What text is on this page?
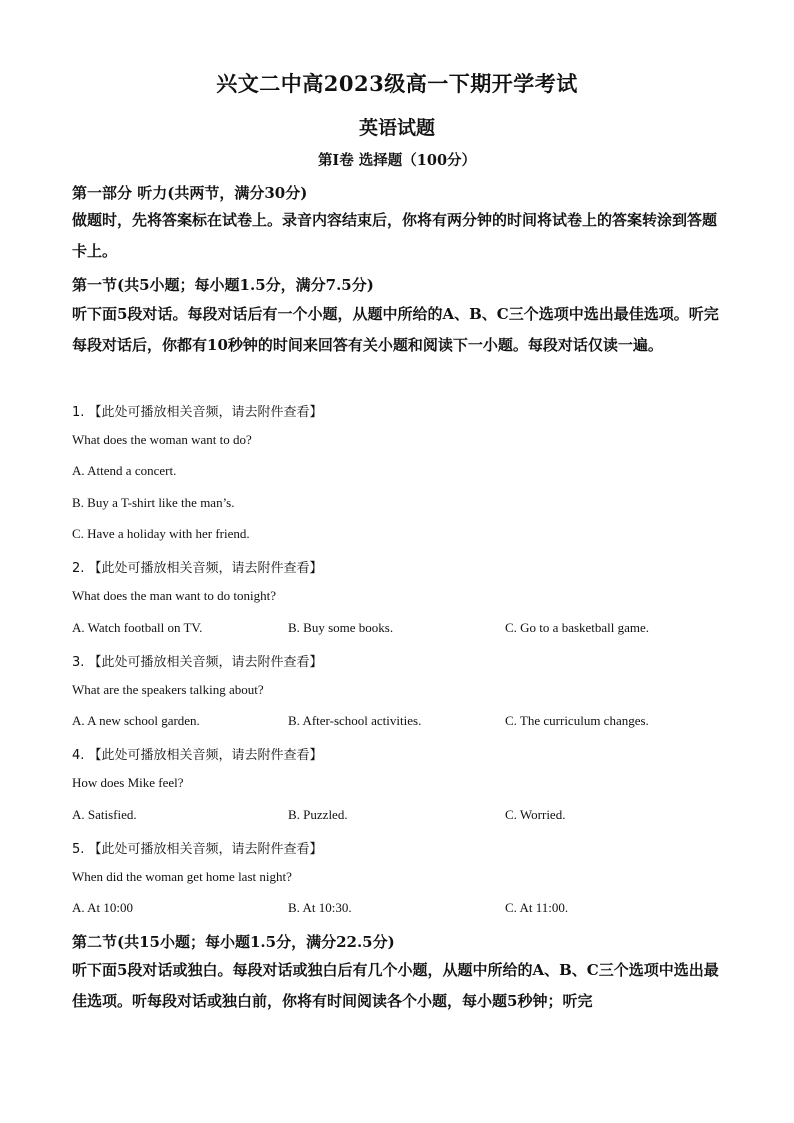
兴文二中高2023级高一下期开学考试
英语试题
第I卷 选择题（100分）
第一部分 听力(共两节，满分30分)
做题时，先将答案标在试卷上。录音内容结束后，你将有两分钟的时间将试卷上的答案转涂到答题卡上。
第一节(共5小题；每小题1.5分，满分7.5分)
听下面5段对话。每段对话后有一个小题，从题中所给的A、B、C三个选项中选出最佳选项。听完每段对话后，你都有10秒钟的时间来回答有关小题和阅读下一小题。每段对话仅读一遍。
1. 【此处可播放相关音频，请去附件查看】
What does the woman want to do?
A. Attend a concert.
B. Buy a T-shirt like the man’s.
C. Have a holiday with her friend.
2. 【此处可播放相关音频，请去附件查看】
What does the man want to do tonight?
A. Watch football on TV.	B. Buy some books.	C. Go to a basketball game.
3. 【此处可播放相关音频，请去附件查看】
What are the speakers talking about?
A. A new school garden.	B. After-school activities.	C. The curriculum changes.
4. 【此处可播放相关音频，请去附件查看】
How does Mike feel?
A. Satisfied.	B. Puzzled.	C. Worried.
5. 【此处可播放相关音频，请去附件查看】
When did the woman get home last night?
A. At 10:00	B. At 10:30.	C. At 11:00.
第二节(共15小题；每小题1.5分，满分22.5分)
听下面5段对话或独白。每段对话或独白后有几个小题，从题中所给的A、B、C三个选项中选出最佳选项。听每段对话或独白前，你将有时间阅读各个小题，每小题5秒钟；听完
